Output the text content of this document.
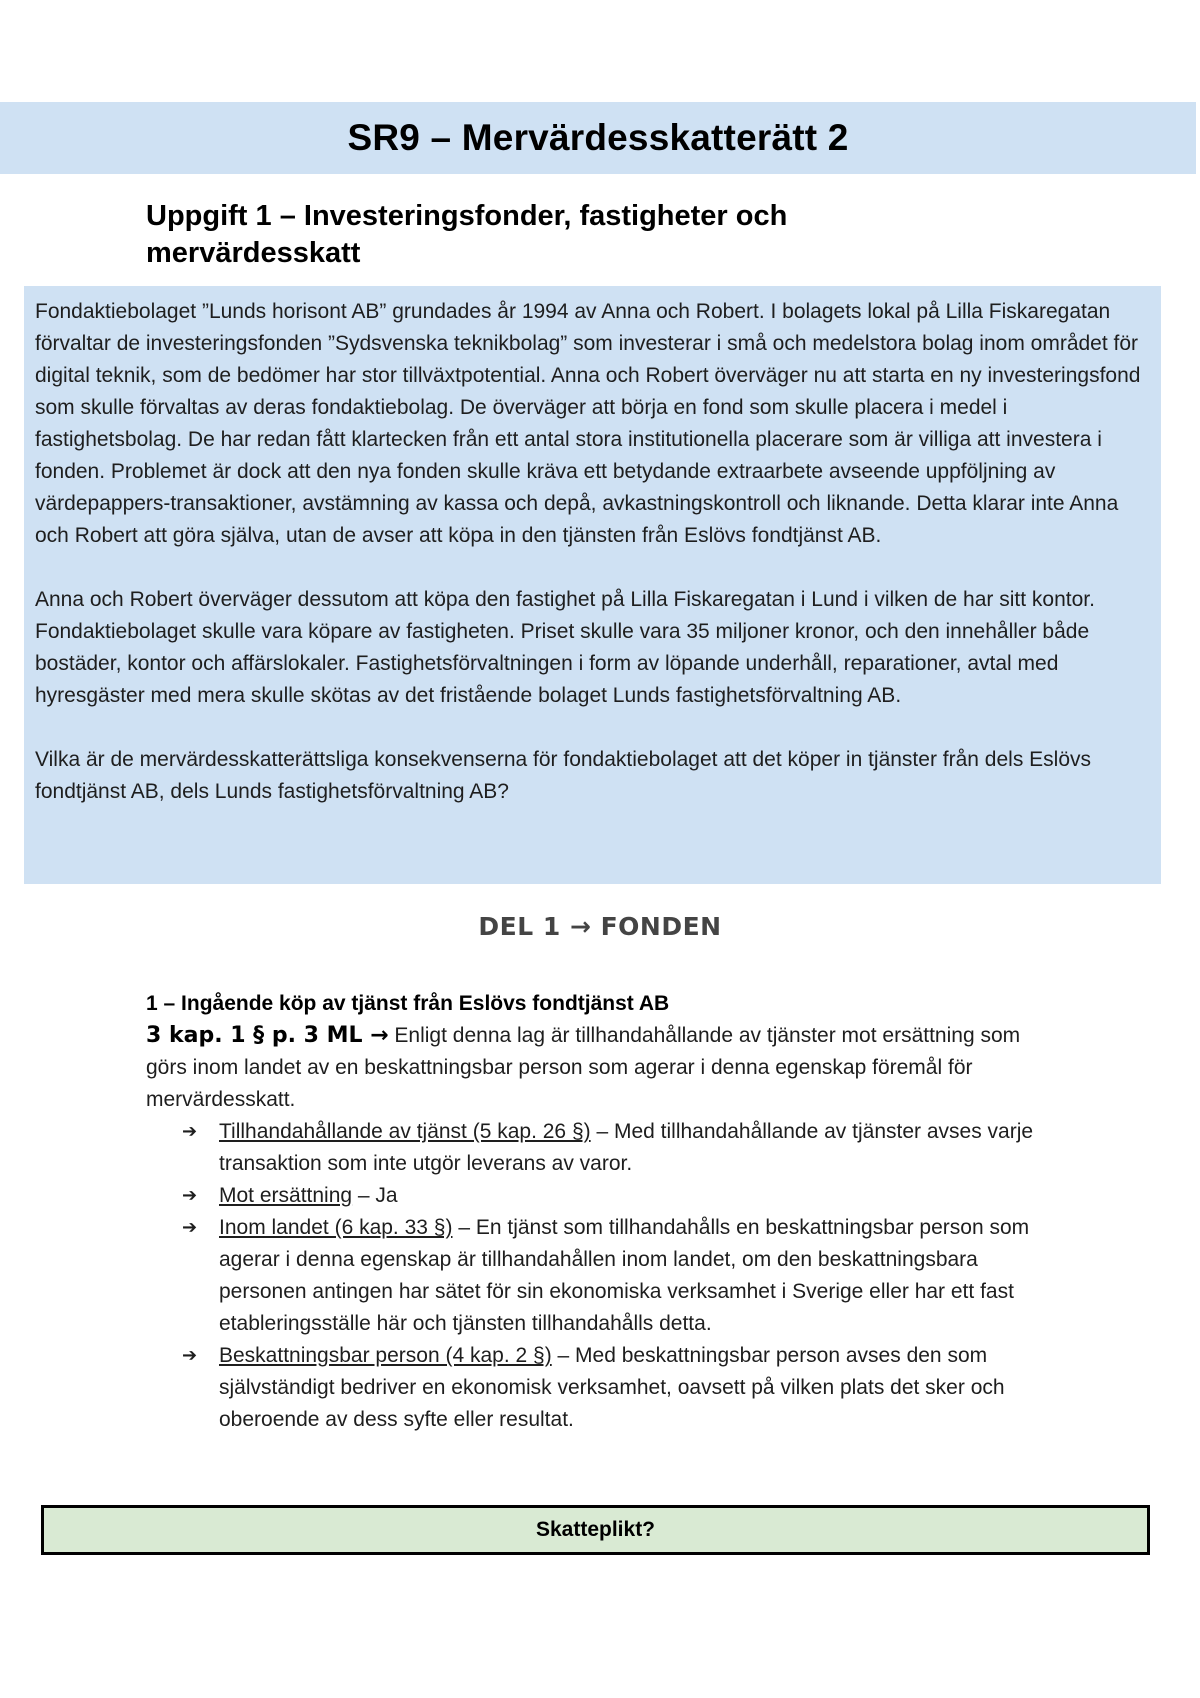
SR9 – Mervärdesskatterätt 2
Uppgift 1 – Investeringsfonder, fastigheter och mervärdesskatt

Fondaktiebolaget ”Lunds horisont AB” grundades år 1994 av Anna och Robert. I bolagets lokal på Lilla Fiskaregatan förvaltar de investeringsfonden ”Sydsvenska teknikbolag” som investerar i små och medelstora bolag inom området för digital teknik, som de bedömer har stor tillväxtpotential. Anna och Robert överväger nu att starta en ny investeringsfond som skulle förvaltas av deras fondaktiebolag. De överväger att börja en fond som skulle placera i medel i fastighetsbolag. De har redan fått klartecken från ett antal stora institutionella placerare som är villiga att investera i fonden. Problemet är dock att den nya fonden skulle kräva ett betydande extraarbete avseende uppföljning av värdepappers-transaktioner, avstämning av kassa och depå, avkastningskontroll och liknande. Detta klarar inte Anna och Robert att göra själva, utan de avser att köpa in den tjänsten från Eslövs fondtjänst AB.

Anna och Robert överväger dessutom att köpa den fastighet på Lilla Fiskaregatan i Lund i vilken de har sitt kontor. Fondaktiebolaget skulle vara köpare av fastigheten. Priset skulle vara 35 miljoner kronor, och den innehåller både bostäder, kontor och affärslokaler. Fastighetsförvaltningen i form av löpande underhåll, reparationer, avtal med hyresgäster med mera skulle skötas av det fristående bolaget Lunds fastighetsförvaltning AB.

Vilka är de mervärdesskatterättsliga konsekvenserna för fondaktiebolaget att det köper in tjänster från dels Eslövs fondtjänst AB, dels Lunds fastighetsförvaltning AB?

DEL 1 → FONDEN

1 – Ingående köp av tjänst från Eslövs fondtjänst AB

3 kap. 1 § p. 3 ML → Enligt denna lag är tillhandahållande av tjänster mot ersättning som görs inom landet av en beskattningsbar person som agerar i denna egenskap föremål för mervärdesskatt.

➔ Tillhandahållande av tjänst (5 kap. 26 §) – Med tillhandahållande av tjänster avses varje transaktion som inte utgör leverans av varor.
➔ Mot ersättning – Ja
➔ Inom landet (6 kap. 33 §) – En tjänst som tillhandahålls en beskattningsbar person som agerar i denna egenskap är tillhandahållen inom landet, om den beskattningsbara personen antingen har sätet för sin ekonomiska verksamhet i Sverige eller har ett fast etableringsställe här och tjänsten tillhandahålls detta.
➔ Beskattningsbar person (4 kap. 2 §) – Med beskattningsbar person avses den som självständigt bedriver en ekonomisk verksamhet, oavsett på vilken plats det sker och oberoende av dess syfte eller resultat.
Skatteplikt?
